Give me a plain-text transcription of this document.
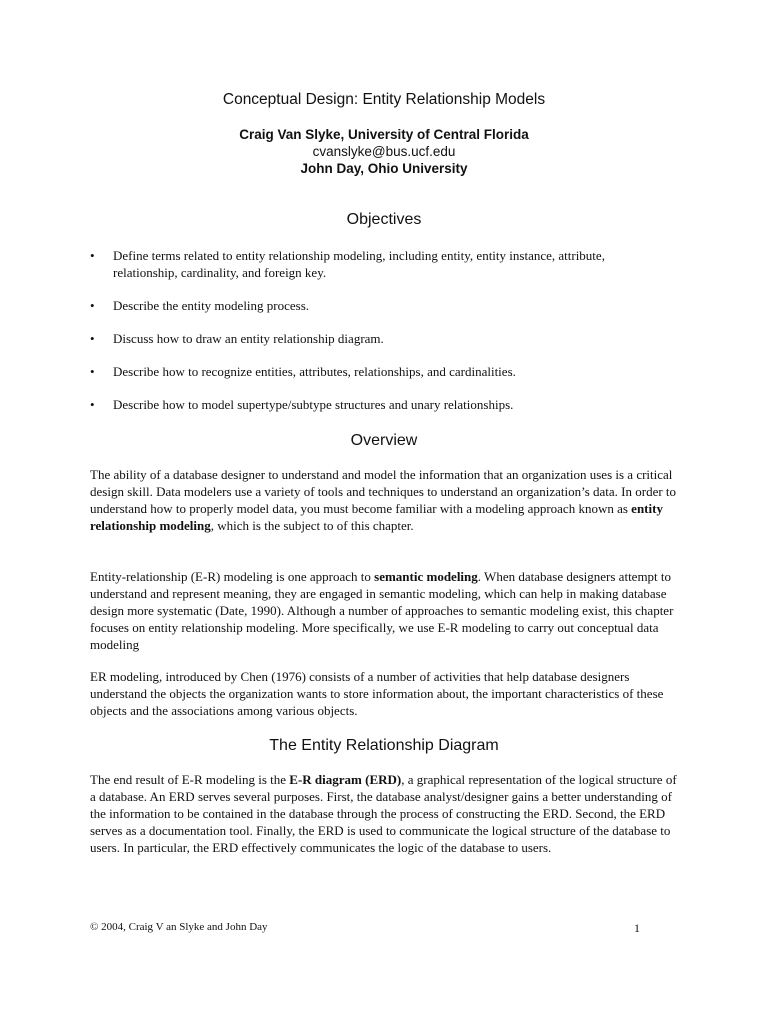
Conceptual Design: Entity Relationship Models
Craig Van Slyke, University of Central Florida
cvanslyke@bus.ucf.edu
John Day, Ohio University
Objectives
• Define terms related to entity relationship modeling, including entity, entity instance, attribute, relationship, cardinality, and foreign key.
• Describe the entity modeling process.
• Discuss how to draw an entity relationship diagram.
• Describe how to recognize entities, attributes, relationships, and cardinalities.
• Describe how to model supertype/subtype structures and unary relationships.
Overview

The ability of a database designer to understand and model the information that an organization uses is a critical design skill. Data modelers use a variety of tools and techniques to understand an organization’s data. In order to understand how to properly model data, you must become familiar with a modeling approach known as entity relationship modeling, which is the subject to of this chapter.

Entity-relationship (E-R) modeling is one approach to semantic modeling. When database designers attempt to understand and represent meaning, they are engaged in semantic modeling, which can help in making database design more systematic (Date, 1990). Although a number of approaches to semantic modeling exist, this chapter focuses on entity relationship modeling. More specifically, we use E-R modeling to carry out conceptual data modeling

ER modeling, introduced by Chen (1976) consists of a number of activities that help database designers understand the objects the organization wants to store information about, the important characteristics of these objects and the associations among various objects.

The Entity Relationship Diagram

The end result of E-R modeling is the E-R diagram (ERD), a graphical representation of the logical structure of a database. An ERD serves several purposes. First, the database analyst/designer gains a better understanding of the information to be contained in the database through the process of constructing the ERD. Second, the ERD serves as a documentation tool. Finally, the ERD is used to communicate the logical structure of the database to users. In particular, the ERD effectively communicates the logic of the database to users.

© 2004, Craig V an Slyke and John Day	1
